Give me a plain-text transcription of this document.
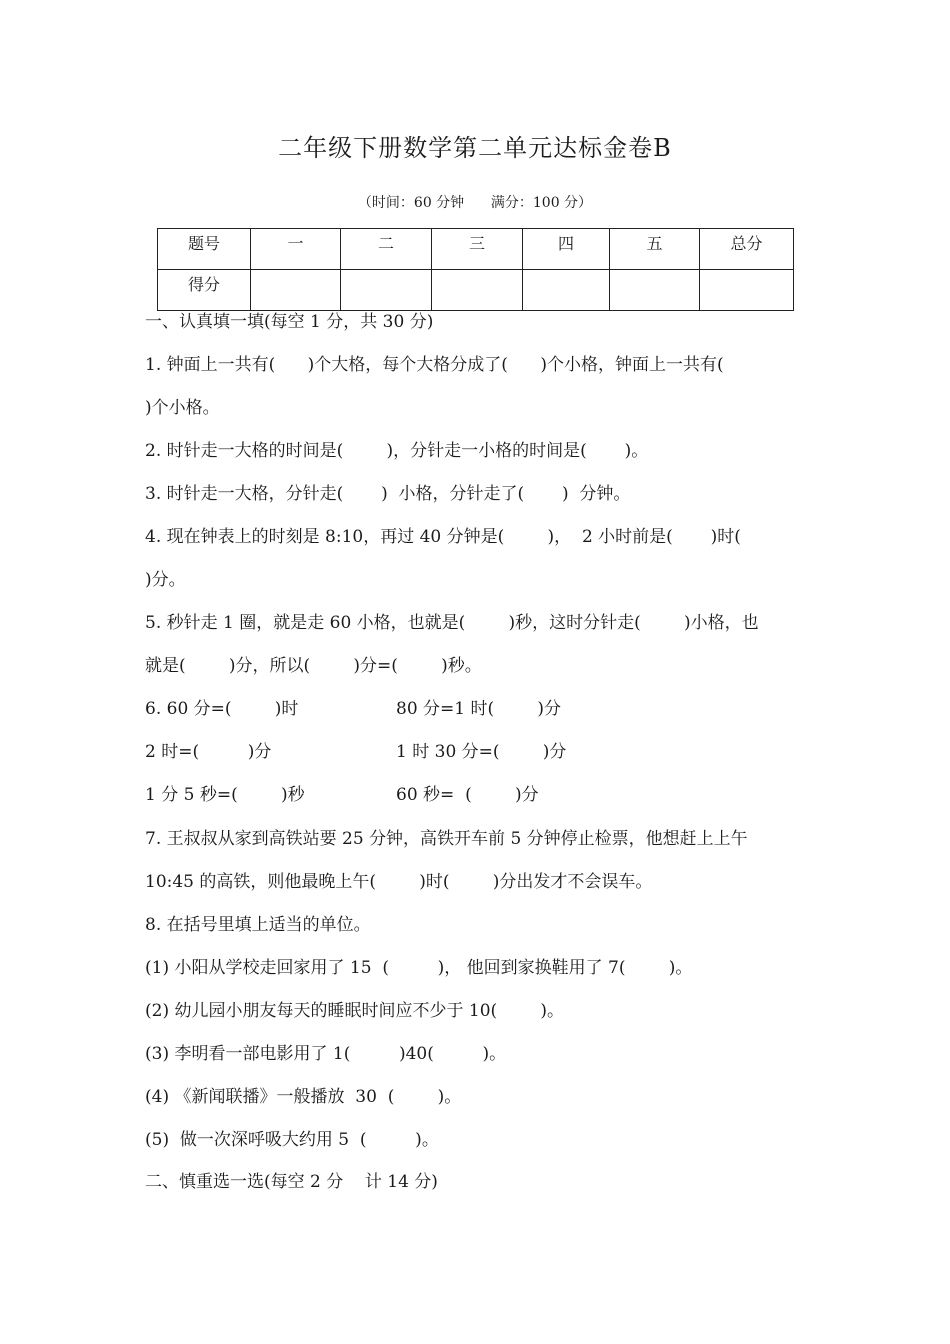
二年级下册数学第二单元达标金卷B
（时间：60 分钟      满分：100 分）
题号	一	二	三	四	五	总分
得分						
一、认真填一填(每空 1 分，共 30 分)
1. 钟面上一共有(      )个大格，每个大格分成了(      )个小格，钟面上一共有(
)个小格。
2. 时针走一大格的时间是(        )，分针走一小格的时间是(       )。
3. 时针走一大格，分针走(       )  小格，分针走了(       )  分钟。
4. 现在钟表上的时刻是 8:10，再过 40 分钟是(        )，  2 小时前是(       )时(
)分。
5. 秒针走 1 圈，就是走 60 小格，也就是(        )秒，这时分针走(        )小格，也
就是(        )分，所以(        )分=(        )秒。
6. 60 分=(        )时	80 分=1 时(        )分
2 时=(         )分	1 时 30 分=(        )分
1 分 5 秒=(        )秒	60 秒=  (        )分
7. 王叔叔从家到高铁站要 25 分钟，高铁开车前 5 分钟停止检票，他想赶上上午
10:45 的高铁，则他最晚上午(        )时(        )分出发才不会误车。
8. 在括号里填上适当的单位。
(1) 小阳从学校走回家用了 15  (         )， 他回到家换鞋用了 7(        )。
(2) 幼儿园小朋友每天的睡眠时间应不少于 10(        )。
(3) 李明看一部电影用了 1(         )40(         )。
(4) 《新闻联播》一般播放  30  (        )。
(5)  做一次深呼吸大约用 5  (         )。
二、慎重选一选(每空 2 分    计 14 分)
